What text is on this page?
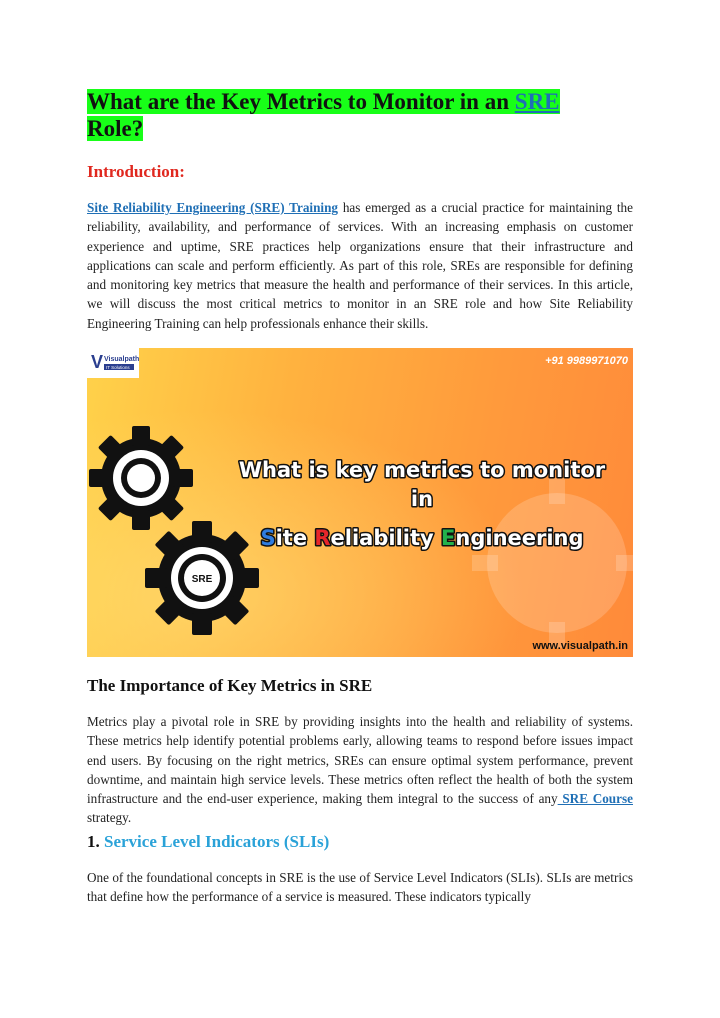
What are the Key Metrics to Monitor in an SRE
Role?
Introduction:

Site Reliability Engineering (SRE) Training has emerged as a crucial practice for maintaining the reliability, availability, and performance of services. With an increasing emphasis on customer experience and uptime, SRE practices help organizations ensure that their infrastructure and applications can scale and perform efficiently. As part of this role, SREs are responsible for defining and monitoring key metrics that measure the health and performance of their services. In this article, we will discuss the most critical metrics to monitor in an SRE role and how Site Reliability Engineering Training can help professionals enhance their skills.

V Visualpath
IT Solutions
+91 9989971070
SRE
What is key metrics to monitor
in
Site Reliability Engineering
www.visualpath.in
The Importance of Key Metrics in SRE

Metrics play a pivotal role in SRE by providing insights into the health and reliability of systems. These metrics help identify potential problems early, allowing teams to respond before issues impact end users. By focusing on the right metrics, SREs can ensure optimal system performance, prevent downtime, and maintain high service levels. These metrics often reflect the health of both the system infrastructure and the end-user experience, making them integral to the success of any SRE Course strategy.

1. Service Level Indicators (SLIs)

One of the foundational concepts in SRE is the use of Service Level Indicators (SLIs). SLIs are metrics that define how the performance of a service is measured. These indicators typically
